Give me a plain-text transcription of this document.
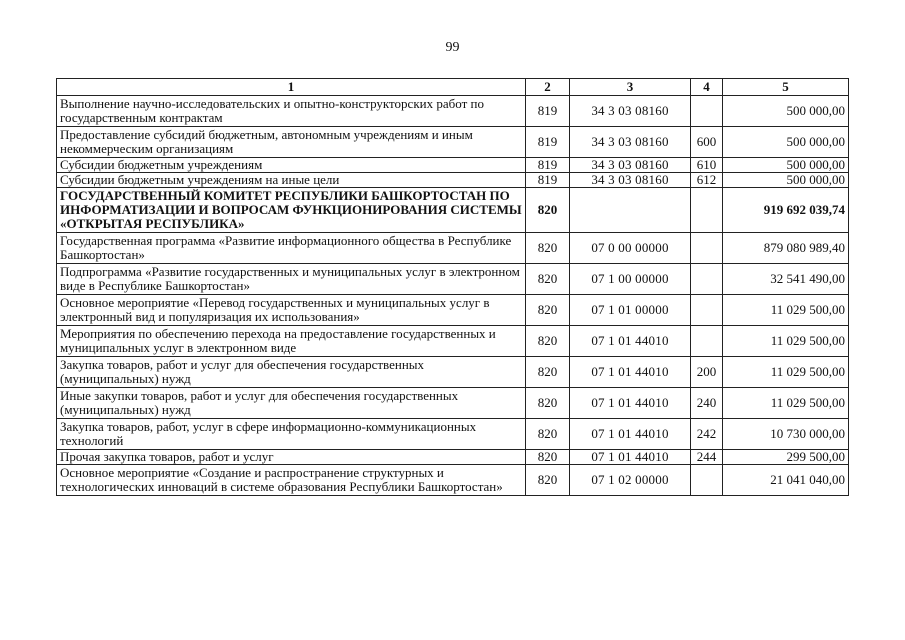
99
1	2	3	4	5
Выполнение научно-исследовательских и опытно-конструкторских работ по государственным контрактам	819	34 3 03 08160		500 000,00
Предоставление субсидий бюджетным, автономным учреждениям и иным некоммерческим организациям	819	34 3 03 08160	600	500 000,00
Субсидии бюджетным учреждениям	819	34 3 03 08160	610	500 000,00
Субсидии бюджетным учреждениям на иные цели	819	34 3 03 08160	612	500 000,00
ГОСУДАРСТВЕННЫЙ КОМИТЕТ РЕСПУБЛИКИ БАШКОРТОСТАН ПО ИНФОРМАТИЗАЦИИ И ВОПРОСАМ ФУНКЦИОНИРОВАНИЯ СИСТЕМЫ «ОТКРЫТАЯ РЕСПУБЛИКА»	820			919 692 039,74
Государственная программа «Развитие информационного общества в Республике Башкортостан»	820	07 0 00 00000		879 080 989,40
Подпрограмма «Развитие государственных и муниципальных услуг в электронном виде в Республике Башкортостан»	820	07 1 00 00000		32 541 490,00
Основное мероприятие «Перевод государственных и муниципальных услуг в электронный вид и популяризация их использования»	820	07 1 01 00000		11 029 500,00
Мероприятия по обеспечению перехода на предоставление государственных и муниципальных услуг в электронном виде	820	07 1 01 44010		11 029 500,00
Закупка товаров, работ и услуг для обеспечения государственных (муниципальных) нужд	820	07 1 01 44010	200	11 029 500,00
Иные закупки товаров, работ и услуг для обеспечения государственных (муниципальных) нужд	820	07 1 01 44010	240	11 029 500,00
Закупка товаров, работ, услуг в сфере информационно-коммуникационных технологий	820	07 1 01 44010	242	10 730 000,00
Прочая закупка товаров, работ и услуг	820	07 1 01 44010	244	299 500,00
Основное мероприятие «Создание и распространение структурных и технологических инноваций в системе образования Республики Башкортостан»	820	07 1 02 00000		21 041 040,00
